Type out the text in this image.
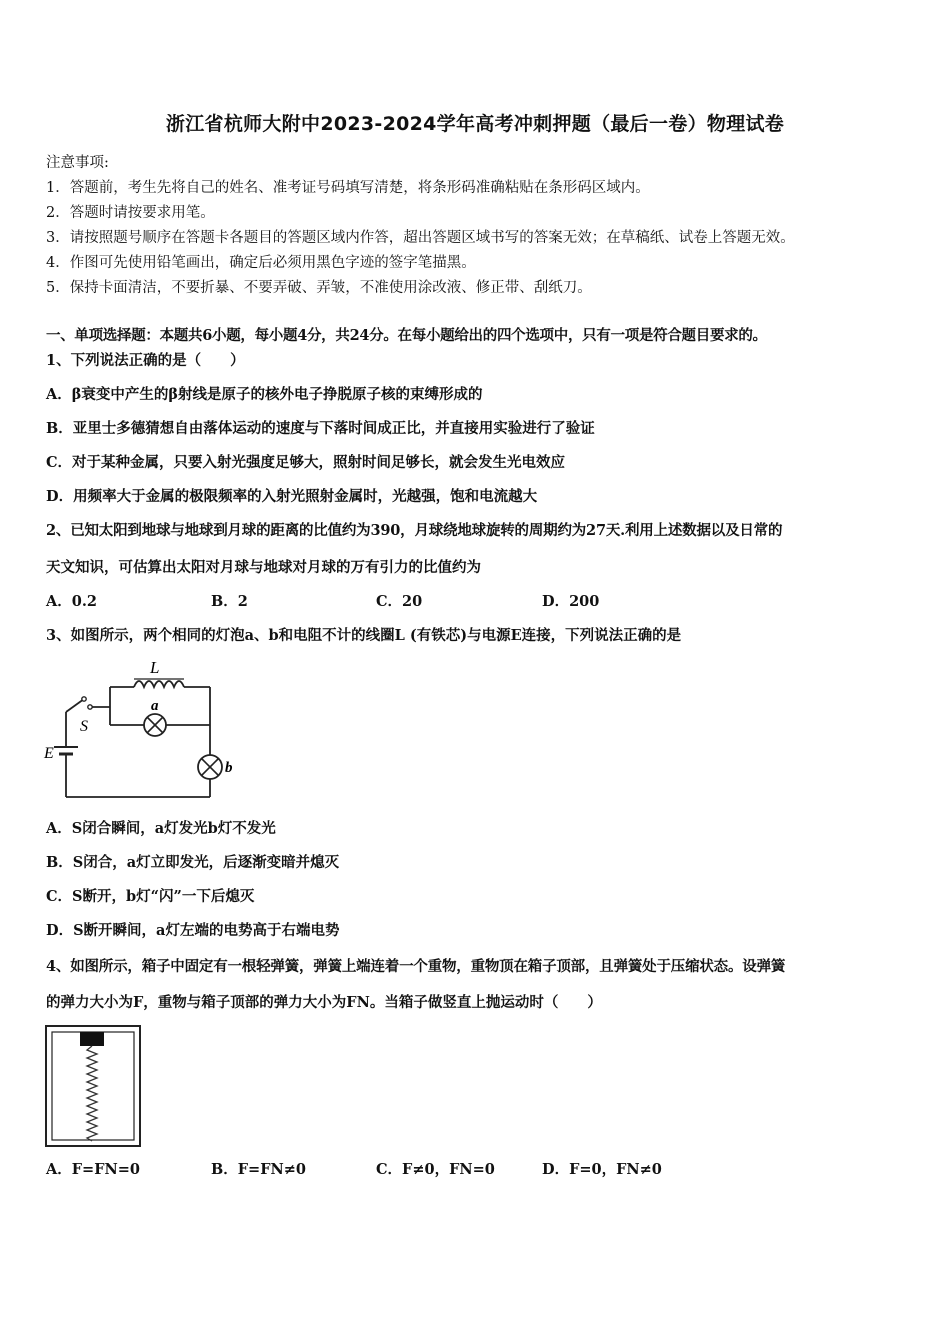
浙江省杭师大附中2023-2024学年高考冲刺押题（最后一卷）物理试卷
注意事项:
1．答题前，考生先将自己的姓名、准考证号码填写清楚，将条形码准确粘贴在条形码区域内。
2．答题时请按要求用笔。
3．请按照题号顺序在答题卡各题目的答题区域内作答，超出答题区域书写的答案无效；在草稿纸、试卷上答题无效。
4．作图可先使用铅笔画出，确定后必须用黑色字迹的签字笔描黑。
5．保持卡面清洁，不要折暴、不要弄破、弄皱，不准使用涂改液、修正带、刮纸刀。
一、单项选择题：本题共6小题，每小题4分，共24分。在每小题给出的四个选项中，只有一项是符合题目要求的。
1、下列说法正确的是（　　）
A．β衰变中产生的β射线是原子的核外电子挣脱原子核的束缚形成的
B．亚里士多德猜想自由落体运动的速度与下落时间成正比，并直接用实验进行了验证
C．对于某种金属，只要入射光强度足够大，照射时间足够长，就会发生光电效应
D．用频率大于金属的极限频率的入射光照射金属时，光越强，饱和电流越大
2、已知太阳到地球与地球到月球的距离的比值约为390，月球绕地球旋转的周期约为27天.利用上述数据以及日常的
天文知识，可估算出太阳对月球与地球对月球的万有引力的比值约为
A．0.2	B．2	C．20	D．200
3、如图所示，两个相同的灯泡a、b和电阻不计的线圈L (有铁芯)与电源E连接，下列说法正确的是
L
S
E
a
b
A．S闭合瞬间，a灯发光b灯不发光
B．S闭合，a灯立即发光，后逐渐变暗并熄灭
C．S断开，b灯“闪”一下后熄灭
D．S断开瞬间，a灯左端的电势高于右端电势
4、如图所示，箱子中固定有一根轻弹簧，弹簧上端连着一个重物，重物顶在箱子顶部，且弹簧处于压缩状态。设弹簧
的弹力大小为F，重物与箱子顶部的弹力大小为FN。当箱子做竖直上抛运动时（　　）
A．F=FN=0	B．F=FN≠0	C．F≠0，FN=0	D．F=0，FN≠0
